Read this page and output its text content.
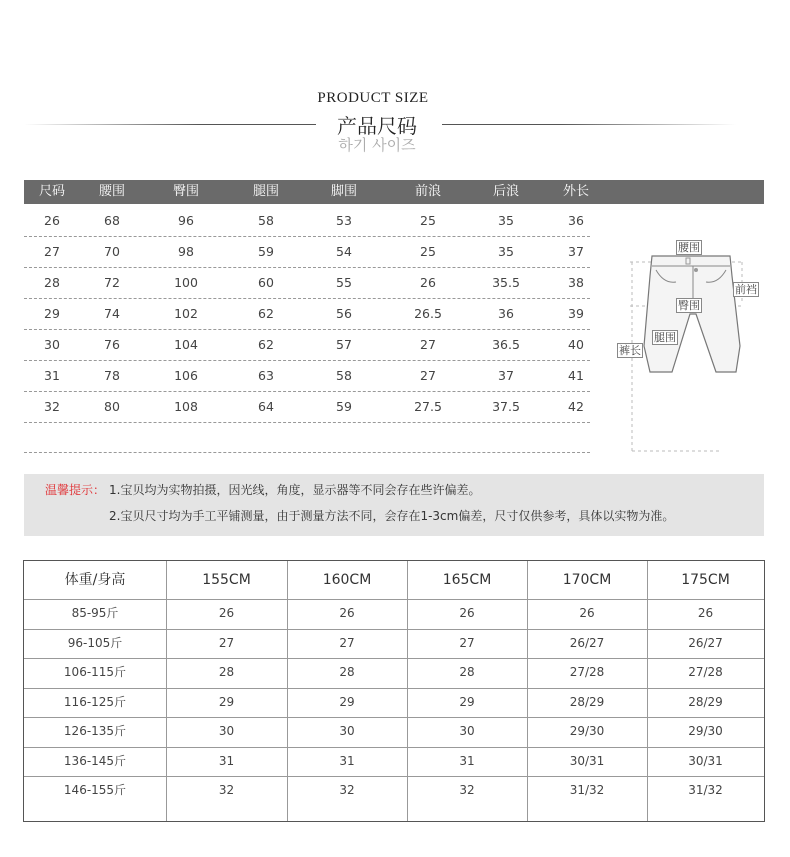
PRODUCT SIZE
产品尺码
하기 사이즈
尺码	腰围	臀围	腿围	脚围	前浪	后浪	外长
26	68	96	58	53	25	35	36
27	70	98	59	54	25	35	37
28	72	100	60	55	26	35.5	38
29	74	102	62	56	26.5	36	39
30	76	104	62	57	27	36.5	40
31	78	106	63	58	27	37	41
32	80	108	64	59	27.5	37.5	42
腰围
前裆
臀围
腿围
裤长
温馨提示： 1.宝贝均为实物拍摄，因光线，角度，显示器等不同会存在些许偏差。
2.宝贝尺寸均为手工平铺测量，由于测量方法不同，会存在1-3cm偏差，尺寸仅供参考，具体以实物为准。
体重/身高	155CM	160CM	165CM	170CM	175CM
85-95斤	26	26	26	26	26
96-105斤	27	27	27	26/27	26/27
106-115斤	28	28	28	27/28	27/28
116-125斤	29	29	29	28/29	28/29
126-135斤	30	30	30	29/30	29/30
136-145斤	31	31	31	30/31	30/31
146-155斤	32	32	32	31/32	31/32
